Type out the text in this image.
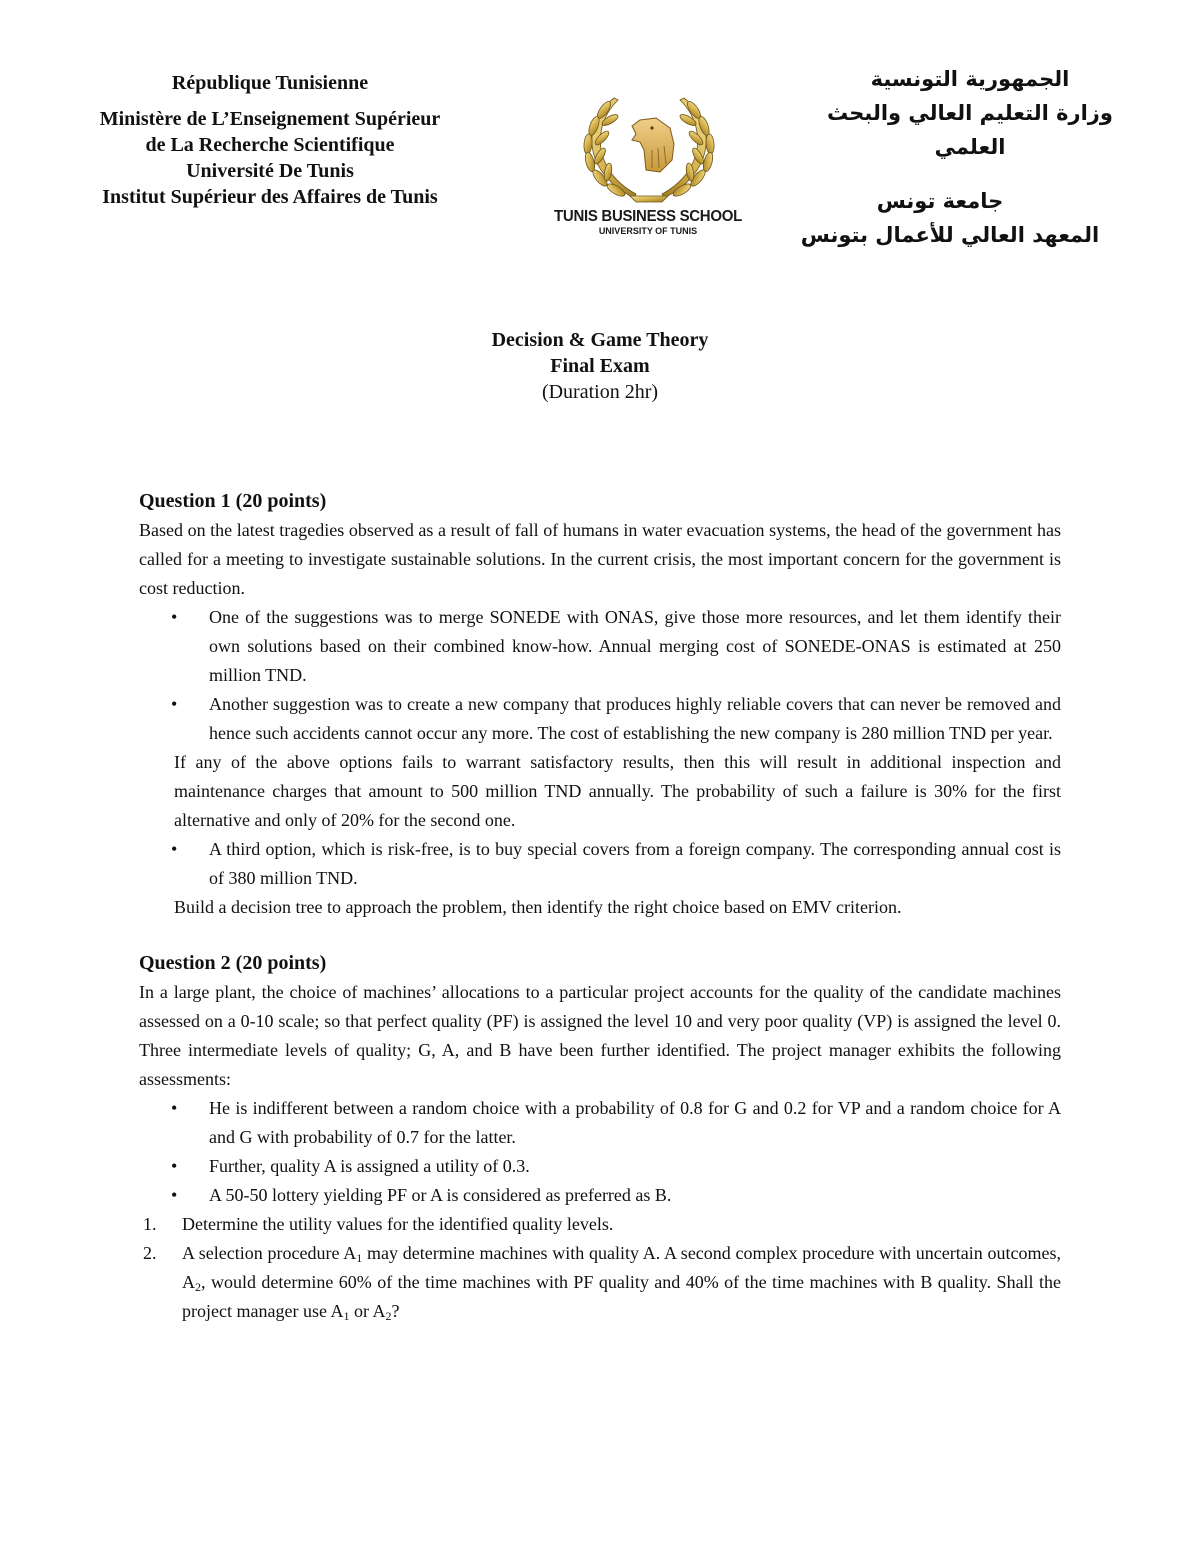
République Tunisienne
Ministère de L’Enseignement Supérieur
de La Recherche Scientifique
Université De Tunis
Institut Supérieur des Affaires de Tunis
TUNIS BUSINESS SCHOOL
UNIVERSITY OF TUNIS
الجمهورية التونسية
وزارة التعليم العالي والبحث العلمي
جامعة تونس
المعهد العالي للأعمال بتونس
Decision & Game Theory
Final Exam
(Duration 2hr)
Question 1 (20 points)

Based on the latest tragedies observed as a result of fall of humans in water evacuation systems, the head of the government has called for a meeting to investigate sustainable solutions. In the current crisis, the most important concern for the government is cost reduction.

• One of the suggestions was to merge SONEDE with ONAS, give those more resources, and let them identify their own solutions based on their combined know-how. Annual merging cost of SONEDE-ONAS is estimated at 250 million TND.
• Another suggestion was to create a new company that produces highly reliable covers that can never be removed and hence such accidents cannot occur any more. The cost of establishing the new company is 280 million TND per year.

If any of the above options fails to warrant satisfactory results, then this will result in additional inspection and maintenance charges that amount to 500 million TND annually. The probability of such a failure is 30% for the first alternative and only of 20% for the second one.

• A third option, which is risk-free, is to buy special covers from a foreign company. The corresponding annual cost is of 380 million TND.

Build a decision tree to approach the problem, then identify the right choice based on EMV criterion.

Question 2 (20 points)

In a large plant, the choice of machines’ allocations to a particular project accounts for the quality of the candidate machines assessed on a 0-10 scale; so that perfect quality (PF) is assigned the level 10 and very poor quality (VP) is assigned the level 0. Three intermediate levels of quality; G, A, and B have been further identified. The project manager exhibits the following assessments:

• He is indifferent between a random choice with a probability of 0.8 for G and 0.2 for VP and a random choice for A and G with probability of 0.7 for the latter.
• Further, quality A is assigned a utility of 0.3.
• A 50-50 lottery yielding PF or A is considered as preferred as B.
1. Determine the utility values for the identified quality levels.
2. A selection procedure $A_1$ may determine machines with quality A. A second complex procedure with uncertain outcomes, $A_2$, would determine 60% of the time machines with PF quality and 40% of the time machines with B quality. Shall the project manager use $A_1$ or $A_2$?
